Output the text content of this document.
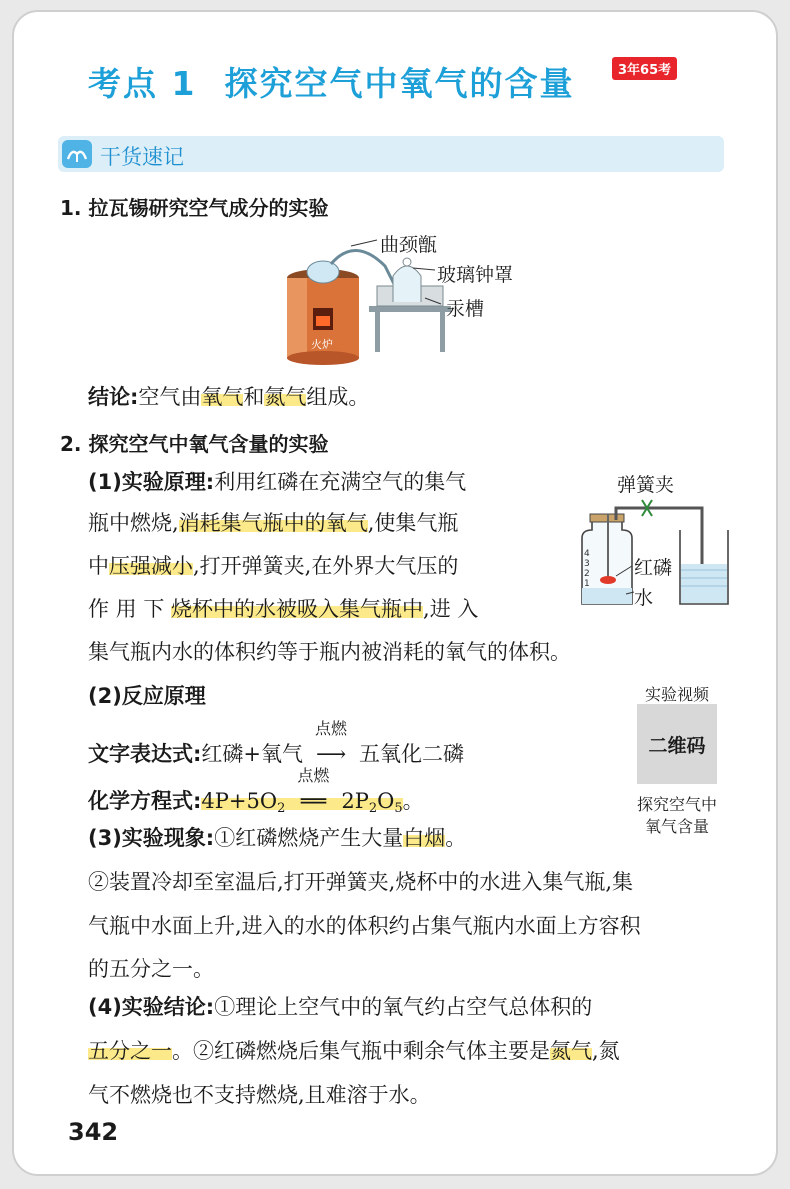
考点 1 探究空气中氧气的含量	3年65考
干货速记
1. 拉瓦锡研究空气成分的实验
火炉
曲颈甑
玻璃钟罩
汞槽
结论:空气由氧气和氮气组成。
2. 探究空气中氧气含量的实验
(1)实验原理:利用红磷在充满空气的集气
瓶中燃烧,消耗集气瓶中的氧气,使集气瓶
中压强减小,打开弹簧夹,在外界大气压的
作 用 下 烧杯中的水被吸入集气瓶中,进 入
集气瓶内水的体积约等于瓶内被消耗的氧气的体积。
4
3
2
1
弹簧夹
红磷
水
(2)反应原理
文字表达式:红磷+氧气
点燃
⟶ 五氧化二磷
化学方程式$:4P+5O_2$
点燃
══ $2P_2O_5$。
实验视频
二维码
探究空气中
氧气含量
(3)实验现象:①红磷燃烧产生大量白烟。
②装置冷却至室温后,打开弹簧夹,烧杯中的水进入集气瓶,集
气瓶中水面上升,进入的水的体积约占集气瓶内水面上方容积
的五分之一。
(4)实验结论:①理论上空气中的氧气约占空气总体积的
五分之一。②红磷燃烧后集气瓶中剩余气体主要是氮气,氮
气不燃烧也不支持燃烧,且难溶于水。
342
